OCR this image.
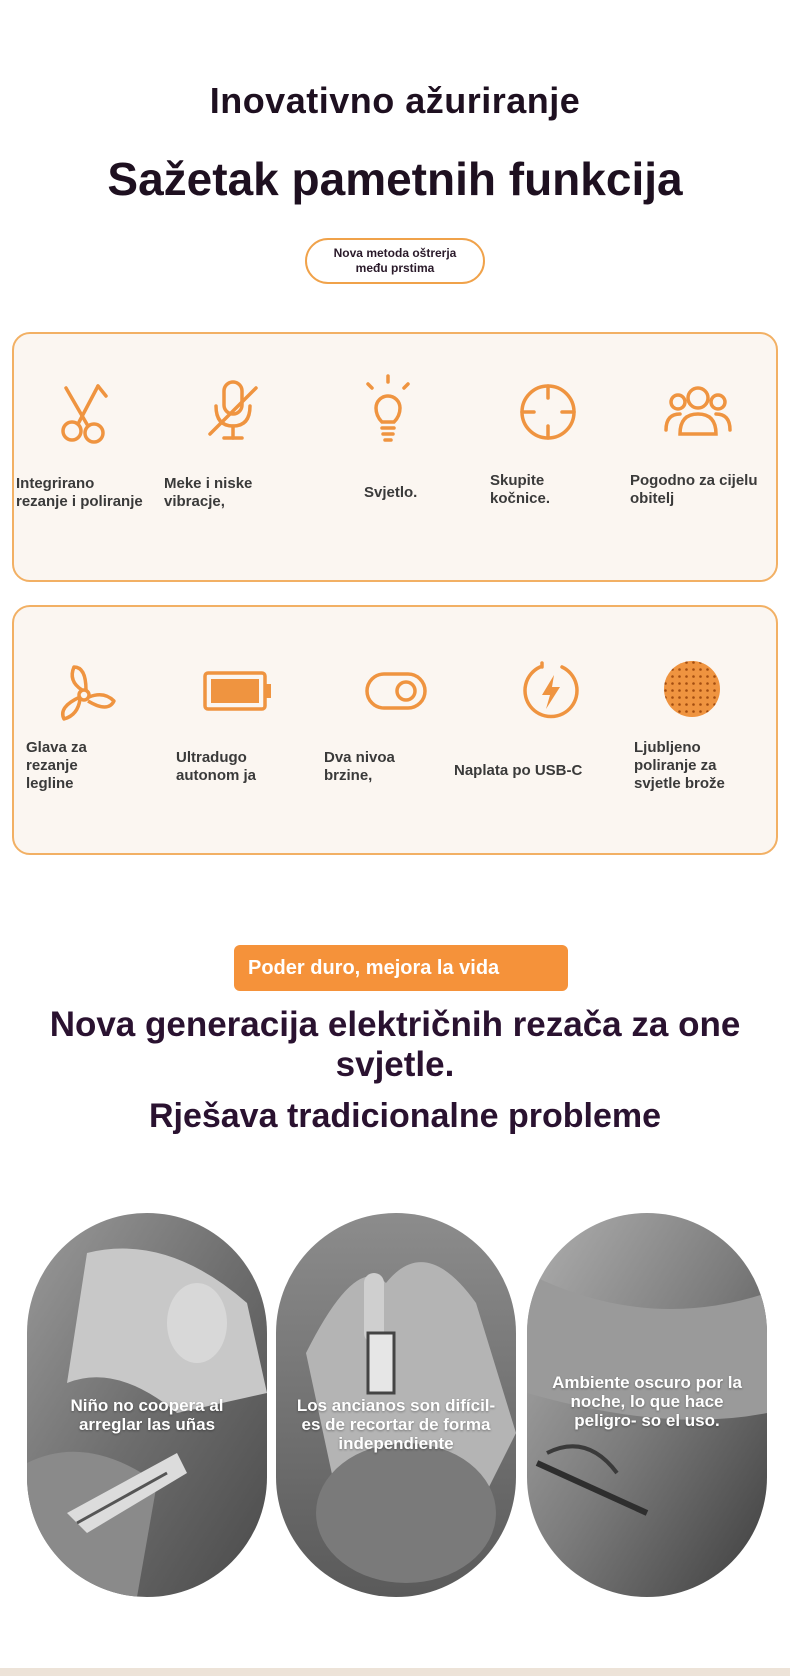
Inovativno ažuriranje
Sažetak pametnih funkcija
Nova metoda oštrerja
među prstima
Integrirano
rezanje i poliranje
Meke i niske
vibracje,
Svjetlo.
Skupite
kočnice.
Pogodno za cijelu
obitelj
Glava za
rezanje
legline
Ultradugo
autonom ja
Dva nivoa
brzine,	Naplata po USB-C
Ljubljeno
poliranje za
svjetle brože
Poder duro, mejora la vida
Nova generacija električnih rezača za one
svjetle.
Rješava tradicionalne probleme
Niño no coopera al arreglar las uñas
Los ancianos son difícil- es de recortar de forma independiente
Ambiente oscuro por la noche, lo que hace peligro- so el uso.
